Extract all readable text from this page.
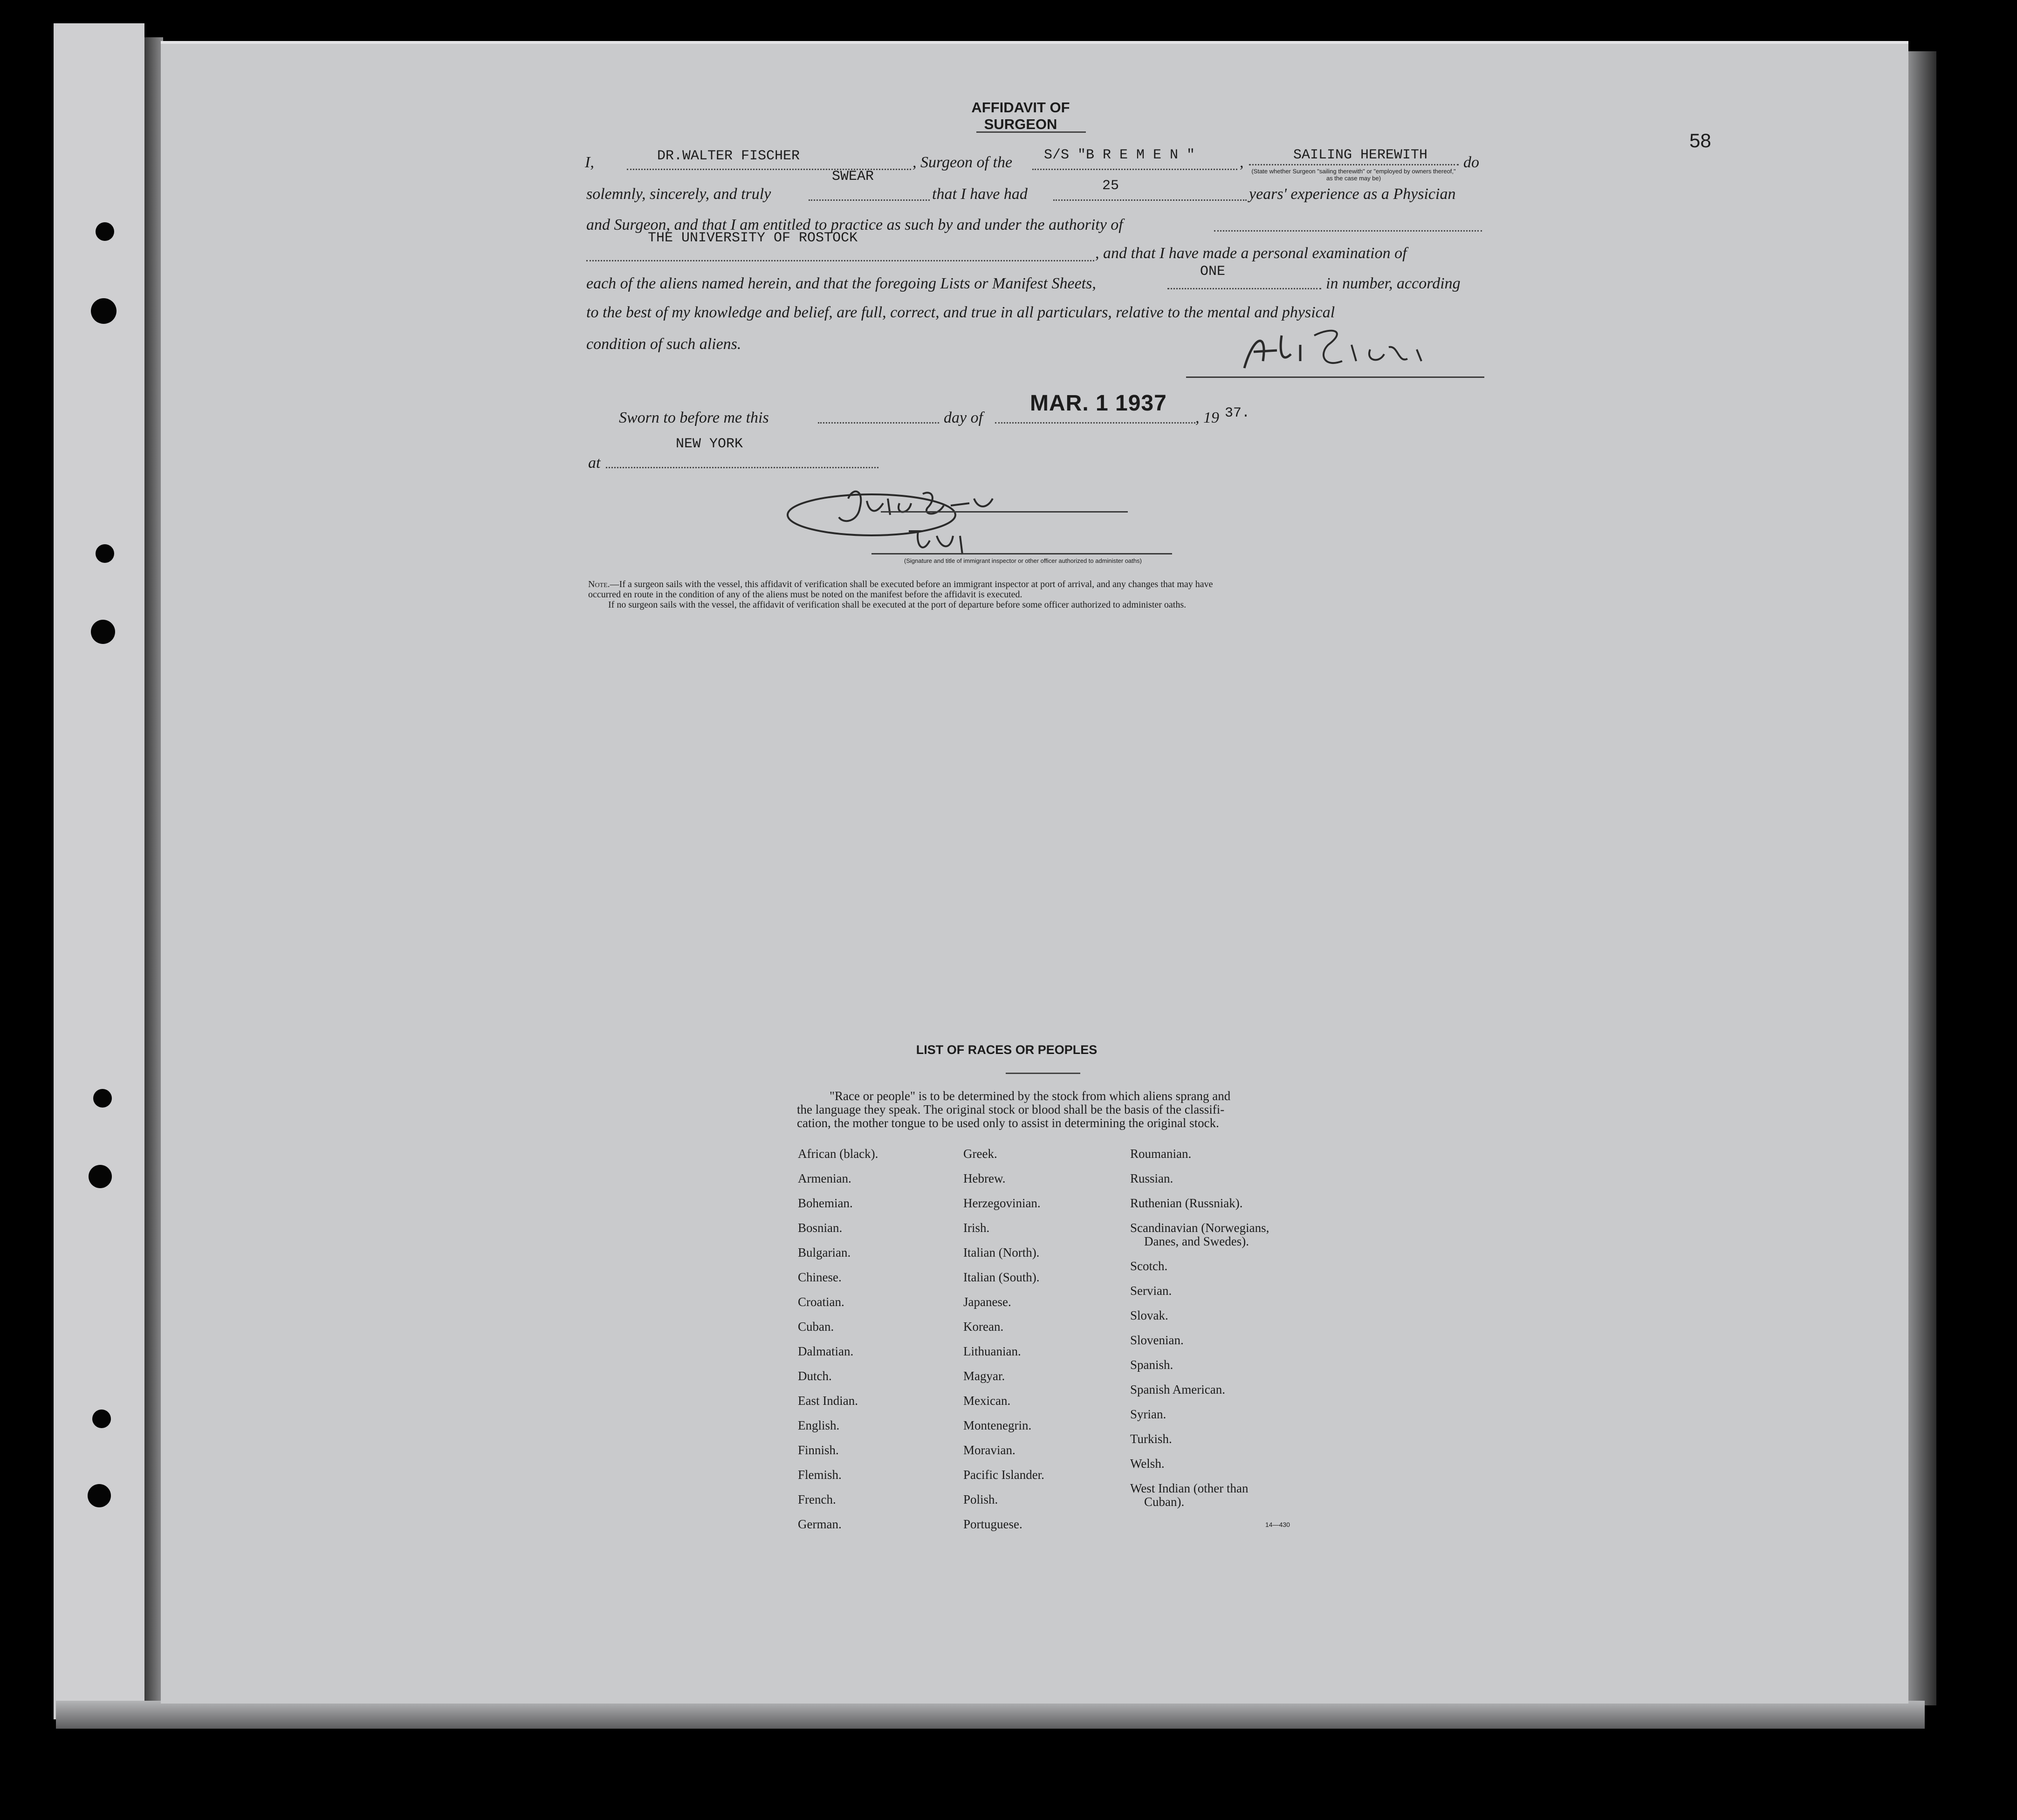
58
AFFIDAVIT OF SURGEON
I,	DR.WALTER FISCHER	, Surgeon of the S/S "B R E M E N "	,	SAILING HEREWITH
(State whether Surgeon "sailing therewith" or "employed by owners thereof," as the case may be)
do
SWEAR
solemnly, sincerely, and truly	that I have had	25	years' experience as a Physician
and Surgeon, and that I am entitled to practice as such by and under the authority of
THE UNIVERSITY OF ROSTOCK
, and that I have made a personal examination of
ONE
each of the aliens named herein, and that the foregoing Lists or Manifest Sheets,	in number, according
to the best of my knowledge and belief, are full, correct, and true in all particulars, relative to the mental and physical
condition of such aliens.
Sworn to before me this	day of
MAR. 1 1937
, 19 37.
NEW YORK
at
(Signature and title of immigrant inspector or other officer authorized to administer oaths)
Note.—If a surgeon sails with the vessel, this affidavit of verification shall be executed before an immigrant inspector at port of arrival, and any changes that may have
occurred en route in the condition of any of the aliens must be noted on the manifest before the affidavit is executed.
If no surgeon sails with the vessel, the affidavit of verification shall be executed at the port of departure before some officer authorized to administer oaths.
LIST OF RACES OR PEOPLES
"Race or people" is to be determined by the stock from which aliens sprang and
the language they speak. The original stock or blood shall be the basis of the classifi-
cation, the mother tongue to be used only to assist in determining the original stock.
African (black).
Armenian.
Bohemian.
Bosnian.
Bulgarian.
Chinese.
Croatian.
Cuban.
Dalmatian.
Dutch.
East Indian.
English.
Finnish.
Flemish.
French.
German.
Greek.
Hebrew.
Herzegovinian.
Irish.
Italian (North).
Italian (South).
Japanese.
Korean.
Lithuanian.
Magyar.
Mexican.
Montenegrin.
Moravian.
Pacific Islander.
Polish.
Portuguese.
Roumanian.
Russian.
Ruthenian (Russniak).
Scandinavian (Norwegians,
Danes, and Swedes).
Scotch.
Servian.
Slovak.
Slovenian.
Spanish.
Spanish American.
Syrian.
Turkish.
Welsh.
West Indian (other than
Cuban).
14—430
